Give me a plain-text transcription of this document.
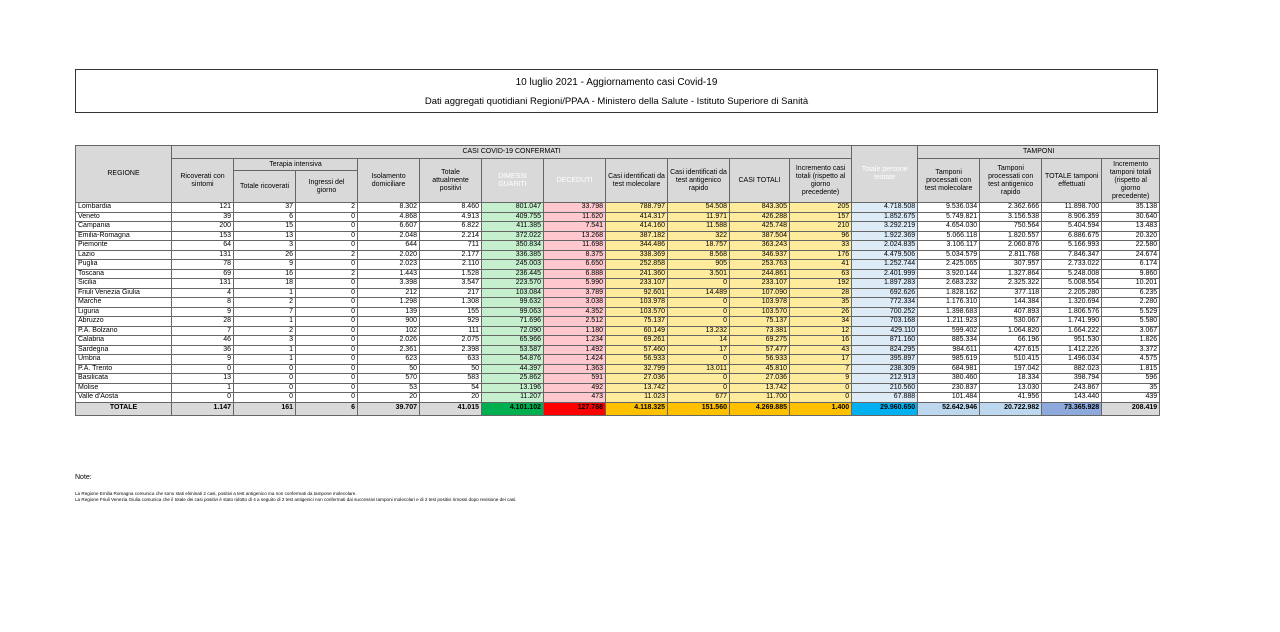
10 luglio 2021 - Aggiornamento casi Covid-19
Dati aggregati quotidiani Regioni/PPAA - Ministero della Salute - Istituto Superiore di Sanità
REGIONE	CASI COVID-19 CONFERMATI											Totale persone testate	TAMPONI			
	Ricoverati con sintomi	Terapia intensiva		Isolamento domiciliare	Totale attualmente positivi	DIMESSI GUARITI	DECEDUTI	Casi identificati da test molecolare	Casi identificati da test antigenico rapido	CASI TOTALI	Incremento casi totali (rispetto al giorno precedente)		Tamponi processati con test molecolare	Tamponi processati con test antigenico rapido	TOTALE tamponi effettuati	Incremento tamponi totali (rispetto al giorno precedente)
		Totale ricoverati	Ingressi del giorno													
Lombardia	121	37	2	8.302	8.460	801.047	33.798	788.797	54.508	843.305	205	4.718.508	9.536.034	2.362.666	11.898.700	35.138
Veneto	39	6	0	4.868	4.913	409.755	11.620	414.317	11.971	426.288	157	1.852.675	5.749.821	3.156.538	8.906.359	30.640
Campania	200	15	0	6.607	6.822	411.385	7.541	414.160	11.588	425.748	210	3.292.219	4.654.030	750.564	5.404.594	13.483
Emilia-Romagna	153	13	0	2.048	2.214	372.022	13.268	387.182	322	387.504	96	1.922.369	5.066.118	1.820.557	6.886.675	20.320
Piemonte	64	3	0	644	711	350.834	11.698	344.486	18.757	363.243	33	2.024.835	3.106.117	2.060.876	5.166.993	22.580
Lazio	131	26	2	2.020	2.177	336.385	8.375	338.369	8.568	346.937	176	4.479.506	5.034.579	2.811.768	7.846.347	24.674
Puglia	78	9	0	2.023	2.110	245.003	6.650	252.858	905	253.763	41	1.252.744	2.425.065	307.957	2.733.022	6.174
Toscana	69	16	2	1.443	1.528	236.445	6.888	241.360	3.501	244.861	63	2.401.999	3.920.144	1.327.864	5.248.008	9.860
Sicilia	131	18	0	3.398	3.547	223.570	5.990	233.107	0	233.107	192	1.897.283	2.683.232	2.325.322	5.008.554	10.201
Friuli Venezia Giulia	4	1	0	212	217	103.084	3.789	92.601	14.489	107.090	28	692.626	1.828.162	377.118	2.205.280	6.235
Marche	8	2	0	1.298	1.308	99.632	3.038	103.978	0	103.978	35	772.334	1.176.310	144.384	1.320.694	2.280
Liguria	9	7	0	139	155	99.063	4.352	103.570	0	103.570	26	700.252	1.398.683	407.893	1.806.576	5.529
Abruzzo	28	1	0	900	929	71.696	2.512	75.137	0	75.137	34	703.168	1.211.923	530.067	1.741.990	5.580
P.A. Bolzano	7	2	0	102	111	72.090	1.180	60.149	13.232	73.381	12	429.110	599.402	1.064.820	1.664.222	3.067
Calabria	46	3	0	2.026	2.075	65.966	1.234	69.261	14	69.275	16	871.160	885.334	66.196	951.530	1.826
Sardegna	36	1	0	2.361	2.398	53.587	1.492	57.460	17	57.477	43	824.295	984.611	427.615	1.412.226	3.372
Umbria	9	1	0	623	633	54.876	1.424	56.933	0	56.933	17	395.897	985.619	510.415	1.496.034	4.575
P.A. Trento	0	0	0	50	50	44.397	1.363	32.799	13.011	45.810	7	238.309	684.981	197.042	882.023	1.815
Basilicata	13	0	0	570	583	25.862	591	27.036	0	27.036	9	212.913	380.460	18.334	398.794	596
Molise	1	0	0	53	54	13.196	492	13.742	0	13.742	0	210.560	230.837	13.030	243.867	35
Valle d'Aosta	0	0	0	20	20	11.207	473	11.023	677	11.700	0	67.888	101.484	41.956	143.440	439
TOTALE	1.147	161	6	39.707	41.015	4.101.102	127.768	4.118.325	151.560	4.269.885	1.400	29.960.650	52.642.946	20.722.982	73.365.928	208.419
Note:
La Regione Emilia Romagna comunica che sono stati eliminati 2 casi, positivi a test antigenico ma non confermati da tampone molecolare.
La Regione Friuli Venezia Giulia comunica che il totale dei casi positivi è stato ridotto di 4 a seguito di 2 test antigenici non confermati dai successivi tamponi molecolari e di 2 test positivi rimossi dopo revisione dei casi.
